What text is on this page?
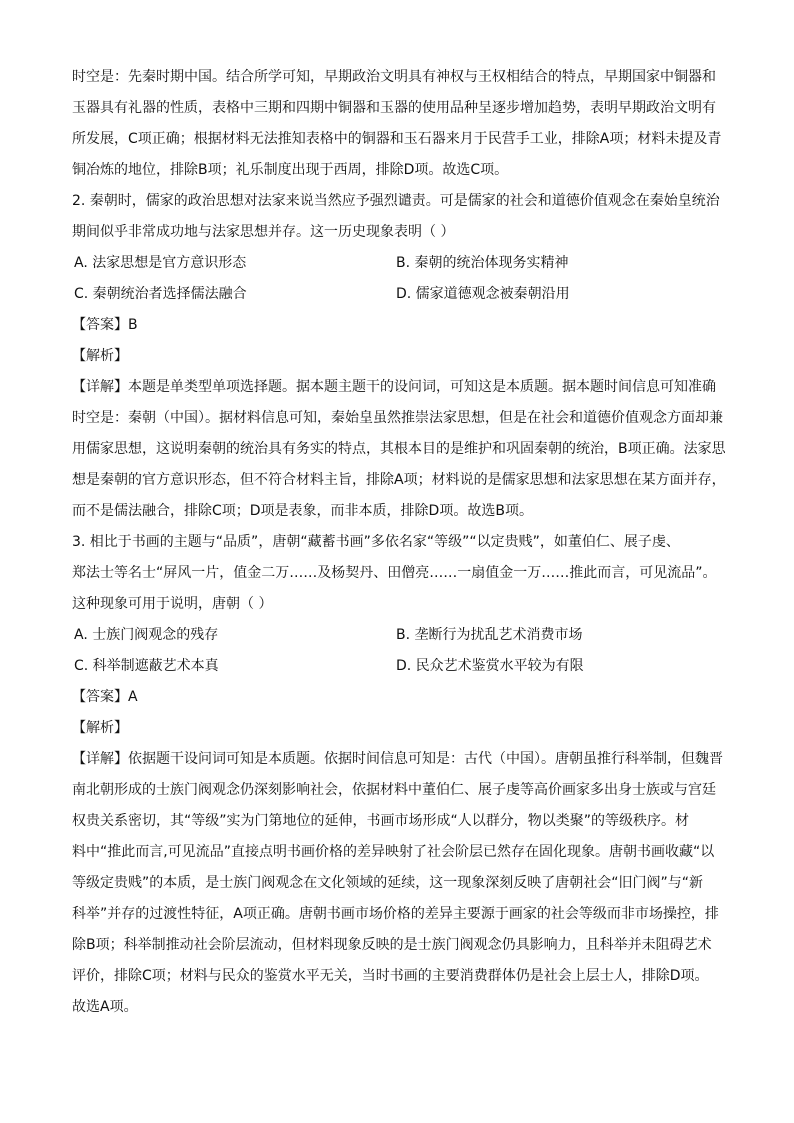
时空是：先秦时期中国。结合所学可知，早期政治文明具有神权与王权相结合的特点，早期国家中铜器和
玉器具有礼器的性质，表格中三期和四期中铜器和玉器的使用品种呈逐步增加趋势，表明早期政治文明有
所发展，C项正确；根据材料无法推知表格中的铜器和玉石器来月于民营手工业，排除A项；材料未提及青
铜冶炼的地位，排除B项；礼乐制度出现于西周，排除D项。故选C项。
2. 秦朝时，儒家的政治思想对法家来说当然应予强烈谴责。可是儒家的社会和道德价值观念在秦始皇统治
期间似乎非常成功地与法家思想并存。这一历史现象表明（ ）
A. 法家思想是官方意识形态	B. 秦朝的统治体现务实精神
C. 秦朝统治者选择儒法融合	D. 儒家道德观念被秦朝沿用
【答案】B
【解析】
【详解】本题是单类型单项选择题。据本题主题干的设问词，可知这是本质题。据本题时间信息可知准确
时空是：秦朝（中国）。据材料信息可知，秦始皇虽然推崇法家思想，但是在社会和道德价值观念方面却兼
用儒家思想，这说明秦朝的统治具有务实的特点，其根本目的是维护和巩固秦朝的统治，B项正确。法家思
想是秦朝的官方意识形态，但不符合材料主旨，排除A项；材料说的是儒家思想和法家思想在某方面并存，
而不是儒法融合，排除C项；D项是表象，而非本质，排除D项。故选B项。
3. 相比于书画的主题与“品质”，唐朝“藏蓄书画”多依名家“等级”“以定贵贱”，如董伯仁、展子虔、
郑法士等名士“屏风一片，值金二万……及杨契丹、田僧亮……一扇值金一万……推此而言，可见流品”。
这种现象可用于说明，唐朝（ ）
A. 士族门阀观念的残存	B. 垄断行为扰乱艺术消费市场
C. 科举制遮蔽艺术本真	D. 民众艺术鉴赏水平较为有限
【答案】A
【解析】
【详解】依据题干设问词可知是本质题。依据时间信息可知是：古代（中国）。唐朝虽推行科举制，但魏晋
南北朝形成的士族门阀观念仍深刻影响社会，依据材料中董伯仁、展子虔等高价画家多出身士族或与宫廷
权贵关系密切，其“等级”实为门第地位的延伸，书画市场形成“人以群分，物以类聚”的等级秩序。材
料中“推此而言,可见流品”直接点明书画价格的差异映射了社会阶层已然存在固化现象。唐朝书画收藏“以
等级定贵贱”的本质，是士族门阀观念在文化领域的延续，这一现象深刻反映了唐朝社会“旧门阀”与“新
科举”并存的过渡性特征，A项正确。唐朝书画市场价格的差异主要源于画家的社会等级而非市场操控，排
除B项；科举制推动社会阶层流动，但材料现象反映的是士族门阀观念仍具影响力，且科举并未阻碍艺术
评价，排除C项；材料与民众的鉴赏水平无关，当时书画的主要消费群体仍是社会上层士人，排除D项。
故选A项。
